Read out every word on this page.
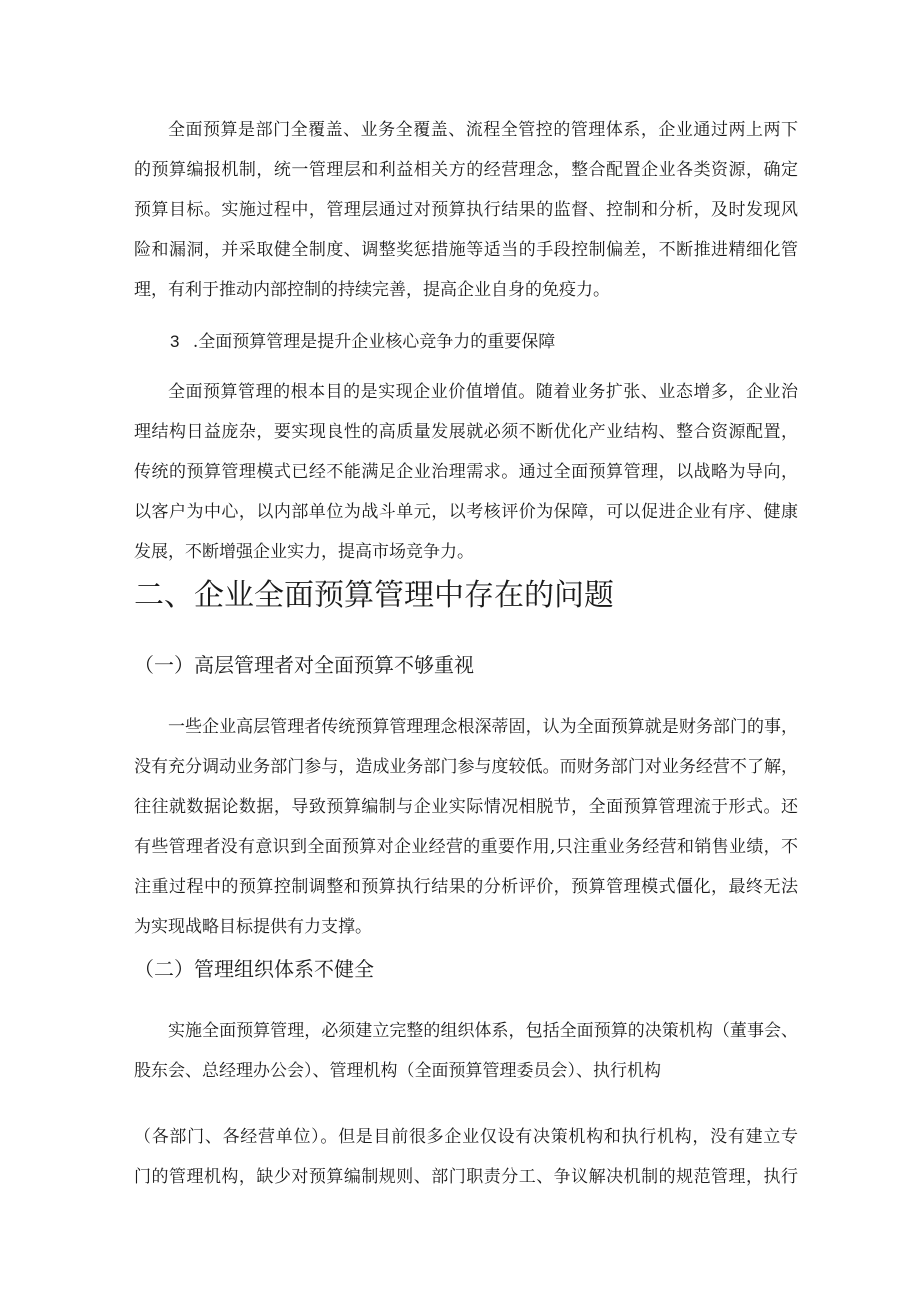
全面预算是部门全覆盖、业务全覆盖、流程全管控的管理体系，企业通过两上两下
的预算编报机制，统一管理层和利益相关方的经营理念，整合配置企业各类资源，确定
预算目标。实施过程中，管理层通过对预算执行结果的监督、控制和分析，及时发现风
险和漏洞，并采取健全制度、调整奖惩措施等适当的手段控制偏差，不断推进精细化管
理，有利于推动内部控制的持续完善，提高企业自身的免疫力。
3 .全面预算管理是提升企业核心竞争力的重要保障
全面预算管理的根本目的是实现企业价值增值。随着业务扩张、业态增多，企业治
理结构日益庞杂，要实现良性的高质量发展就必须不断优化产业结构、整合资源配置，
传统的预算管理模式已经不能满足企业治理需求。通过全面预算管理，以战略为导向，
以客户为中心，以内部单位为战斗单元，以考核评价为保障，可以促进企业有序、健康
发展，不断增强企业实力，提高市场竞争力。
二、企业全面预算管理中存在的问题
（一）高层管理者对全面预算不够重视
一些企业高层管理者传统预算管理理念根深蒂固，认为全面预算就是财务部门的事，
没有充分调动业务部门参与，造成业务部门参与度较低。而财务部门对业务经营不了解，
往往就数据论数据，导致预算编制与企业实际情况相脱节，全面预算管理流于形式。还
有些管理者没有意识到全面预算对企业经营的重要作用,只注重业务经营和销售业绩，不
注重过程中的预算控制调整和预算执行结果的分析评价，预算管理模式僵化，最终无法
为实现战略目标提供有力支撑。
（二）管理组织体系不健全
实施全面预算管理，必须建立完整的组织体系，包括全面预算的决策机构（董事会、
股东会、总经理办公会）、管理机构（全面预算管理委员会）、执行机构
（各部门、各经营单位）。但是目前很多企业仅设有决策机构和执行机构，没有建立专
门的管理机构，缺少对预算编制规则、部门职责分工、争议解决机制的规范管理，执行
